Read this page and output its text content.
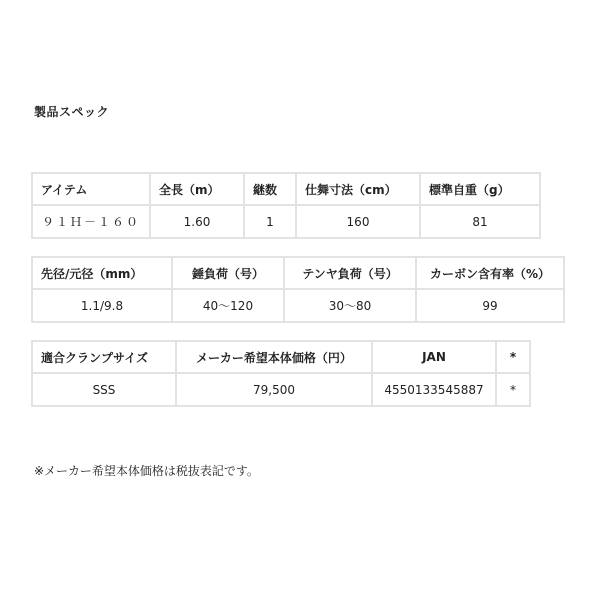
製品スペック
アイテム	全長（m）	継数	仕舞寸法（cm）	標準自重（g）
９１Ｈ－１６０	1.60	1	160	81
先径/元径（mm）	錘負荷（号）	テンヤ負荷（号）	カーボン含有率（%）
1.1/9.8	40〜120	30〜80	99
適合クランプサイズ	メーカー希望本体価格（円）	JAN	*
SSS	79,500	4550133545887	*
※メーカー希望本体価格は税抜表記です。
